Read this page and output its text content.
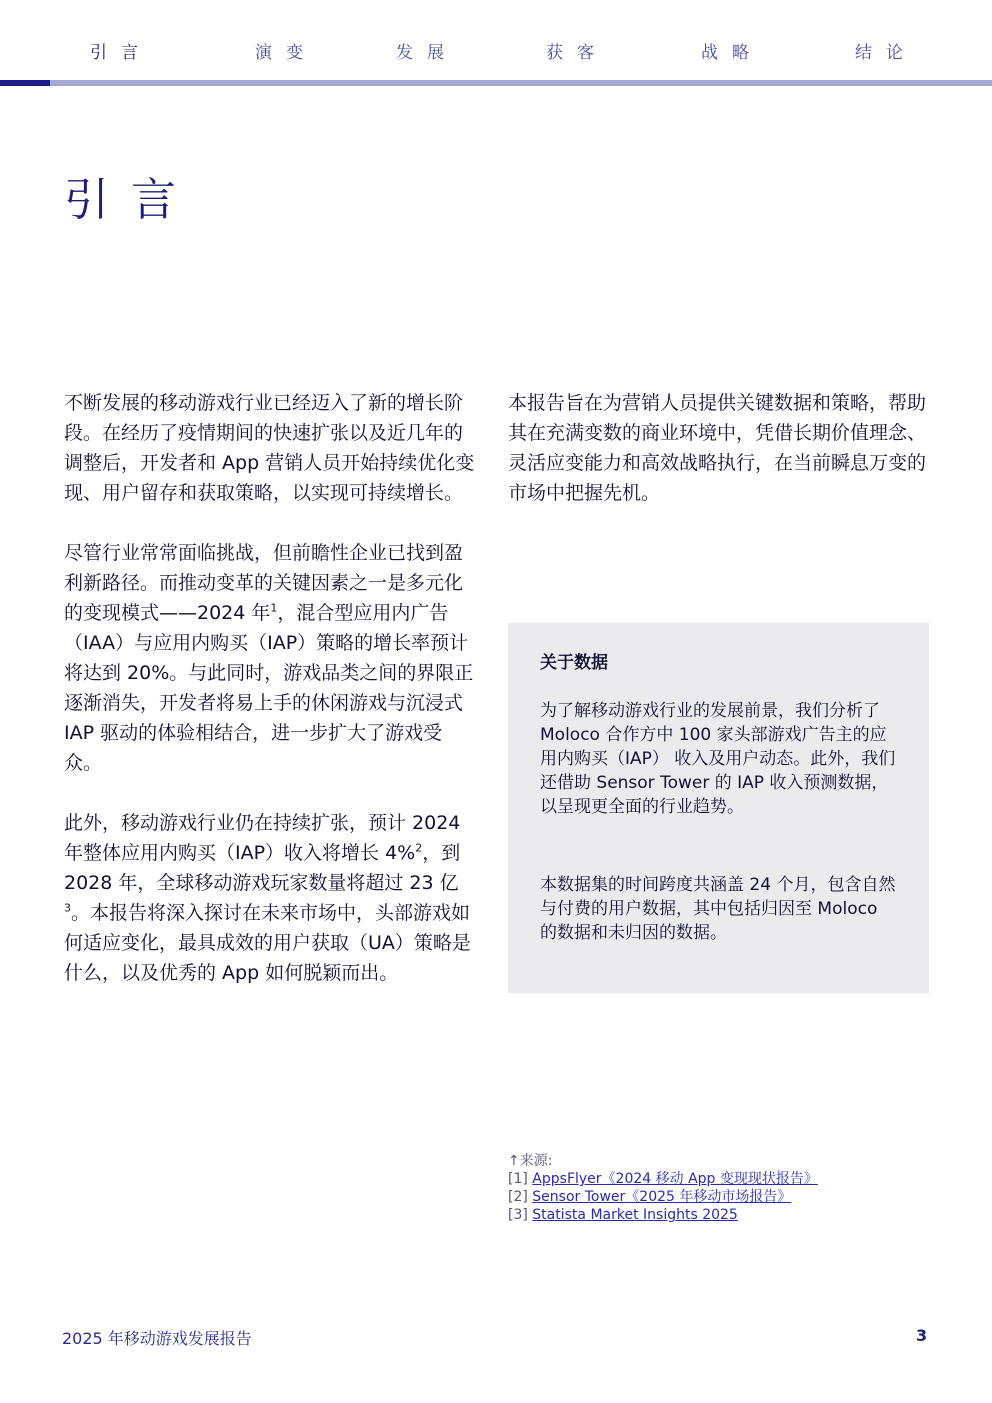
引言	演变	发展	获客	战略	结论
引言

不断发展的移动游戏行业已经迈入了新的增长阶段。在经历了疫情期间的快速扩张以及近几年的调整后，开发者和 App 营销人员开始持续优化变现、用户留存和获取策略，以实现可持续增长。

尽管行业常常面临挑战，但前瞻性企业已找到盈利新路径。而推动变革的关键因素之一是多元化的变现模式——2024 年$^1$，混合型应用内广告（IAA）与应用内购买（IAP）策略的增长率预计将达到 20%。与此同时，游戏品类之间的界限正逐渐消失，开发者将易上手的休闲游戏与沉浸式 IAP 驱动的体验相结合，进一步扩大了游戏受众。

此外，移动游戏行业仍在持续扩张，预计 2024 年整体应用内购买（IAP）收入将增长 4%$^2$，到 2028 年，全球移动游戏玩家数量将超过 23 亿$^3$。本报告将深入探讨在未来市场中，头部游戏如何适应变化，最具成效的用户获取（UA）策略是什么，以及优秀的 App 如何脱颖而出。

本报告旨在为营销人员提供关键数据和策略，帮助其在充满变数的商业环境中，凭借长期价值理念、灵活应变能力和高效战略执行，在当前瞬息万变的市场中把握先机。

关于数据

为了解移动游戏行业的发展前景，我们分析了 Moloco 合作方中 100 家头部游戏广告主的应用内购买（IAP） 收入及用户动态。此外，我们还借助 Sensor Tower 的 IAP 收入预测数据，以呈现更全面的行业趋势。

本数据集的时间跨度共涵盖 24 个月，包含自然与付费的用户数据，其中包括归因至 Moloco 的数据和未归因的数据。

↑来源:
[1] AppsFlyer《2024 移动 App 变现现状报告》
[2] Sensor Tower《2025 年移动市场报告》
[3] Statista Market Insights 2025
2025 年移动游戏发展报告	3
